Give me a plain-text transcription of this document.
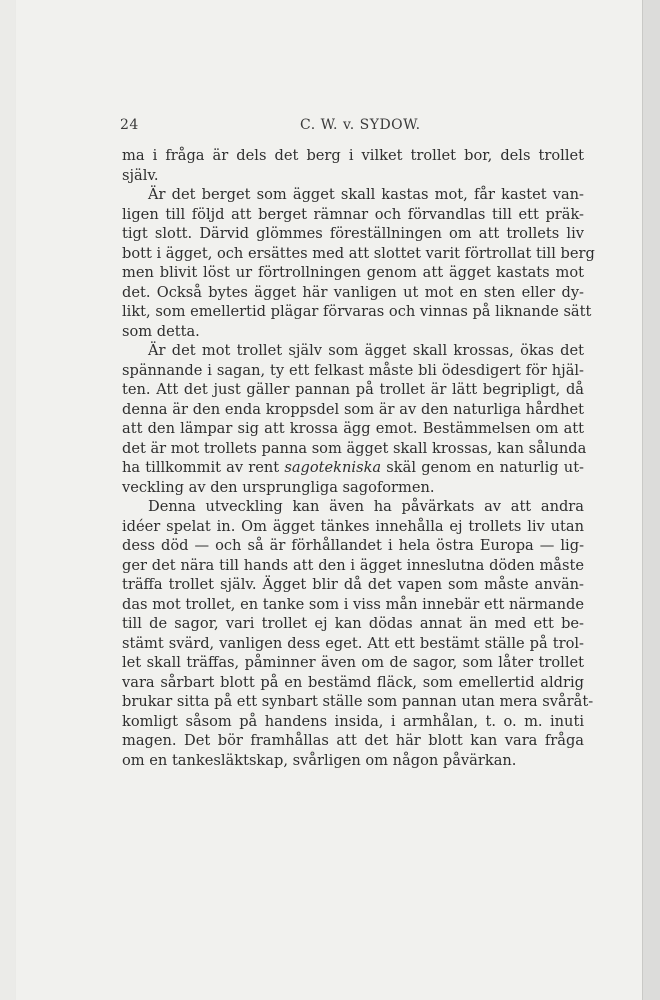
24	C. W. v. SYDOW.

ma i fråga är dels det berg i vilket trollet bor, dels trollet
själv.

Är det berget som ägget skall kastas mot, får kastet van-
ligen till följd att berget rämnar och förvandlas till ett präk-
tigt slott. Därvid glömmes föreställningen om att trollets liv
bott i ägget, och ersättes med att slottet varit förtrollat till berg
men blivit löst ur förtrollningen genom att ägget kastats mot
det. Också bytes ägget här vanligen ut mot en sten eller dy-
likt, som emellertid plägar förvaras och vinnas på liknande sätt
som detta.

Är det mot trollet själv som ägget skall krossas, ökas det
spännande i sagan, ty ett felkast måste bli ödesdigert för hjäl-
ten. Att det just gäller pannan på trollet är lätt begripligt, då
denna är den enda kroppsdel som är av den naturliga hårdhet
att den lämpar sig att krossa ägg emot. Bestämmelsen om att
det är mot trollets panna som ägget skall krossas, kan sålunda
ha tillkommit av rent sagotekniska skäl genom en naturlig ut-
veckling av den ursprungliga sagoformen.

Denna utveckling kan även ha påvärkats av att andra
idéer spelat in. Om ägget tänkes innehålla ej trollets liv utan
dess död — och så är förhållandet i hela östra Europa — lig-
ger det nära till hands att den i ägget inneslutna döden måste
träffa trollet själv. Ägget blir då det vapen som måste använ-
das mot trollet, en tanke som i viss mån innebär ett närmande
till de sagor, vari trollet ej kan dödas annat än med ett be-
stämt svärd, vanligen dess eget. Att ett bestämt ställe på trol-
let skall träffas, påminner även om de sagor, som låter trollet
vara sårbart blott på en bestämd fläck, som emellertid aldrig
brukar sitta på ett synbart ställe som pannan utan mera svåråt-
komligt såsom på handens insida, i armhålan, t. o. m. inuti
magen. Det bör framhållas att det här blott kan vara fråga
om en tankesläktskap, svårligen om någon påvärkan.
